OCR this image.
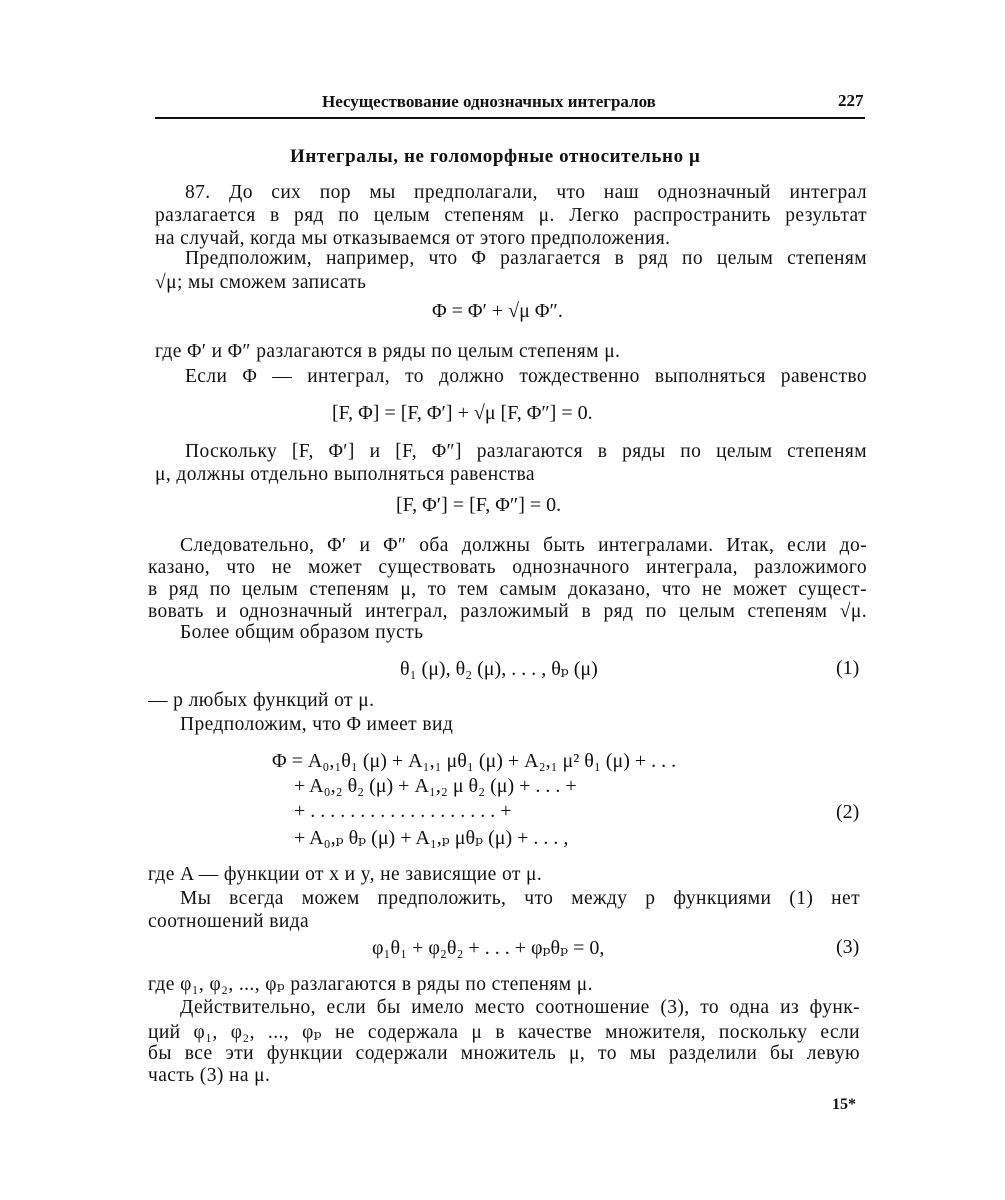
Несуществование однозначных интегралов	227
Интегралы, не голоморфные относительно μ
87. До сих пор мы предполагали, что наш однозначный интеграл
разлагается в ряд по целым степеням μ. Легко распространить результат
на случай, когда мы отказываемся от этого предположения.
Предположим, например, что Φ разлагается в ряд по целым степеням
√μ; мы сможем записать
Φ = Φ′ + √μ Φ″.
где Φ′ и Φ″ разлагаются в ряды по целым степеням μ.
Если Φ — интеграл, то должно тождественно выполняться равенство
[F, Φ] = [F, Φ′] + √μ [F, Φ″] = 0.
Поскольку [F, Φ′] и [F, Φ″] разлагаются в ряды по целым степеням
μ, должны отдельно выполняться равенства
[F, Φ′] = [F, Φ″] = 0.
Следовательно, Φ′ и Φ″ оба должны быть интегралами. Итак, если до-
казано, что не может существовать однозначного интеграла, разложимого
в ряд по целым степеням μ, то тем самым доказано, что не может сущест-
вовать и однозначный интеграл, разложимый в ряд по целым степеням √μ.
Более общим образом пусть
θ₁ (μ), θ₂ (μ), . . . , θₚ (μ)	(1)
— p любых функций от μ.
Предположим, что Φ имеет вид
Φ = A₀,₁θ₁ (μ) + A₁,₁ μθ₁ (μ) + A₂,₁ μ² θ₁ (μ) + . . .
+ A₀,₂ θ₂ (μ) + A₁,₂ μ θ₂ (μ) + . . . +
+ . . . . . . . . . . . . . . . . . . . +
+ A₀,ₚ θₚ (μ) + A₁,ₚ μθₚ (μ) + . . . ,
(2)
где A — функции от x и y, не зависящие от μ.
Мы всегда можем предположить, что между p функциями (1) нет
соотношений вида
φ₁θ₁ + φ₂θ₂ + . . . + φₚθₚ = 0,	(3)
где φ₁, φ₂, ..., φₚ разлагаются в ряды по степеням μ.
Действительно, если бы имело место соотношение (3), то одна из функ-
ций φ₁, φ₂, ..., φₚ не содержала μ в качестве множителя, поскольку если
бы все эти функции содержали множитель μ, то мы разделили бы левую
часть (3) на μ.
15*
